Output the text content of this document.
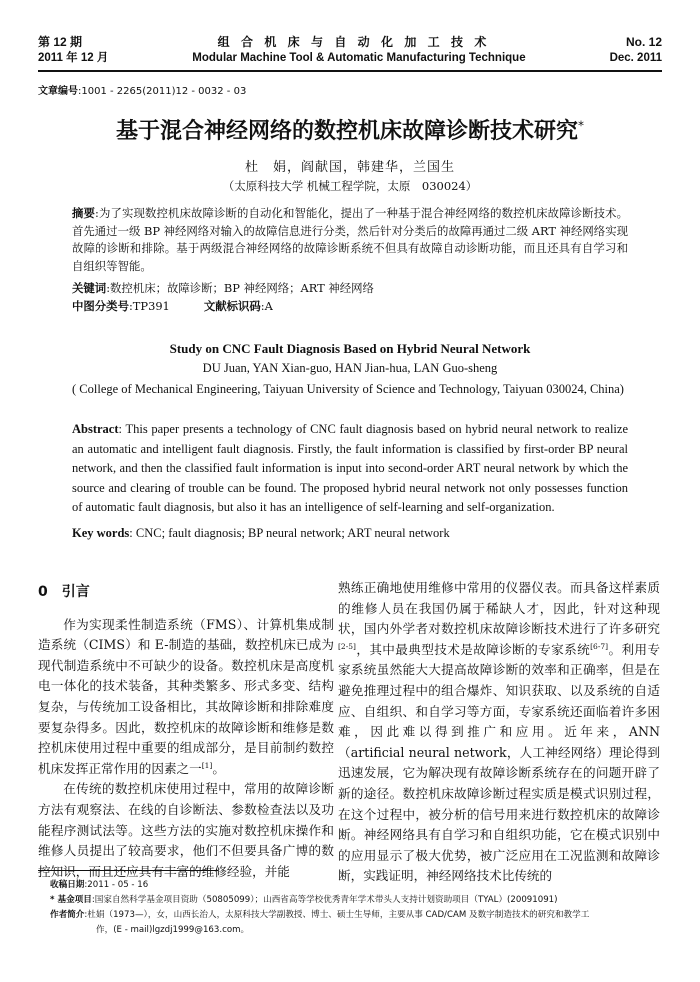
第 12 期	组 合 机 床 与 自 动 化 加 工 技 术	No. 12
2011 年 12 月	Modular Machine Tool & Automatic Manufacturing Technique	Dec. 2011
文章编号:1001 - 2265(2011)12 - 0032 - 03
基于混合神经网络的数控机床故障诊断技术研究*
杜　娟，阎献国，韩建华，兰国生
（太原科技大学 机械工程学院，太原　030024）
摘要:为了实现数控机床故障诊断的自动化和智能化，提出了一种基于混合神经网络的数控机床故障诊断技术。首先通过一级 BP 神经网络对输入的故障信息进行分类，然后针对分类后的故障再通过二级 ART 神经网络实现故障的诊断和排除。基于两级混合神经网络的故障诊断系统不但具有故障自动诊断功能，而且还具有自学习和自组织等智能。
关键词:数控机床；故障诊断；BP 神经网络；ART 神经网络
中图分类号:TP391	文献标识码:A
Study on CNC Fault Diagnosis Based on Hybrid Neural Network
DU Juan, YAN Xian-guo, HAN Jian-hua, LAN Guo-sheng
( College of Mechanical Engineering, Taiyuan University of Science and Technology, Taiyuan 030024, China)
Abstract: This paper presents a technology of CNC fault diagnosis based on hybrid neural network to realize an automatic and intelligent fault diagnosis. Firstly, the fault information is classified by first-order BP neural network, and then the classified fault information is input into second-order ART neural network by which the source and clearing of trouble can be found. The proposed hybrid neural network not only possesses function of automatic fault diagnosis, but also it has an intelligence of self-learning and self-organization.
Key words: CNC; fault diagnosis; BP neural network; ART neural network
0　引言

作为实现柔性制造系统（FMS）、计算机集成制造系统（CIMS）和 E-制造的基础，数控机床已成为现代制造系统中不可缺少的设备。数控机床是高度机电一体化的技术装备，其种类繁多、形式多变、结构复杂，与传统加工设备相比，其故障诊断和排除难度要复杂得多。因此，数控机床的故障诊断和维修是数控机床使用过程中重要的组成部分，是目前制约数控机床发挥正常作用的因素之一[1]。

在传统的数控机床使用过程中，常用的故障诊断方法有观察法、在线的自诊断法、参数检查法以及功能程序测试法等。这些方法的实施对数控机床操作和维修人员提出了较高要求，他们不但要具备广博的数控知识，而且还应具有丰富的维修经验，并能

熟练正确地使用维修中常用的仪器仪表。而具备这样素质的维修人员在我国仍属于稀缺人才，因此，针对这种现状，国内外学者对数控机床故障诊断技术进行了许多研究[2-5]，其中最典型技术是故障诊断的专家系统[6-7]。利用专家系统虽然能大大提高故障诊断的效率和正确率，但是在避免推理过程中的组合爆炸、知识获取、以及系统的自适应、自组织、和自学习等方面，专家系统还面临着许多困难，因此难以得到推广和应用。近年来，ANN（artificial neural network，人工神经网络）理论得到迅速发展，它为解决现有故障诊断系统存在的问题开辟了新的途径。数控机床故障诊断过程实质是模式识别过程，在这个过程中，被分析的信号用来进行数控机床的故障诊断。神经网络具有自学习和自组织功能，它在模式识别中的应用显示了极大优势，被广泛应用在工况监测和故障诊断，实践证明，神经网络技术比传统的

收稿日期:2011 - 05 - 16
* 基金项目:国家自然科学基金项目资助（50805099）；山西省高等学校优秀青年学术带头人支持计划资助项目（TYAL）(20091091)
作者简介:杜娟（1973—），女，山西长治人，太原科技大学副教授、博士、硕士生导师，主要从事 CAD/CAM 及数字制造技术的研究和教学工
作，(E - mail)lgzdj1999@163.com。
